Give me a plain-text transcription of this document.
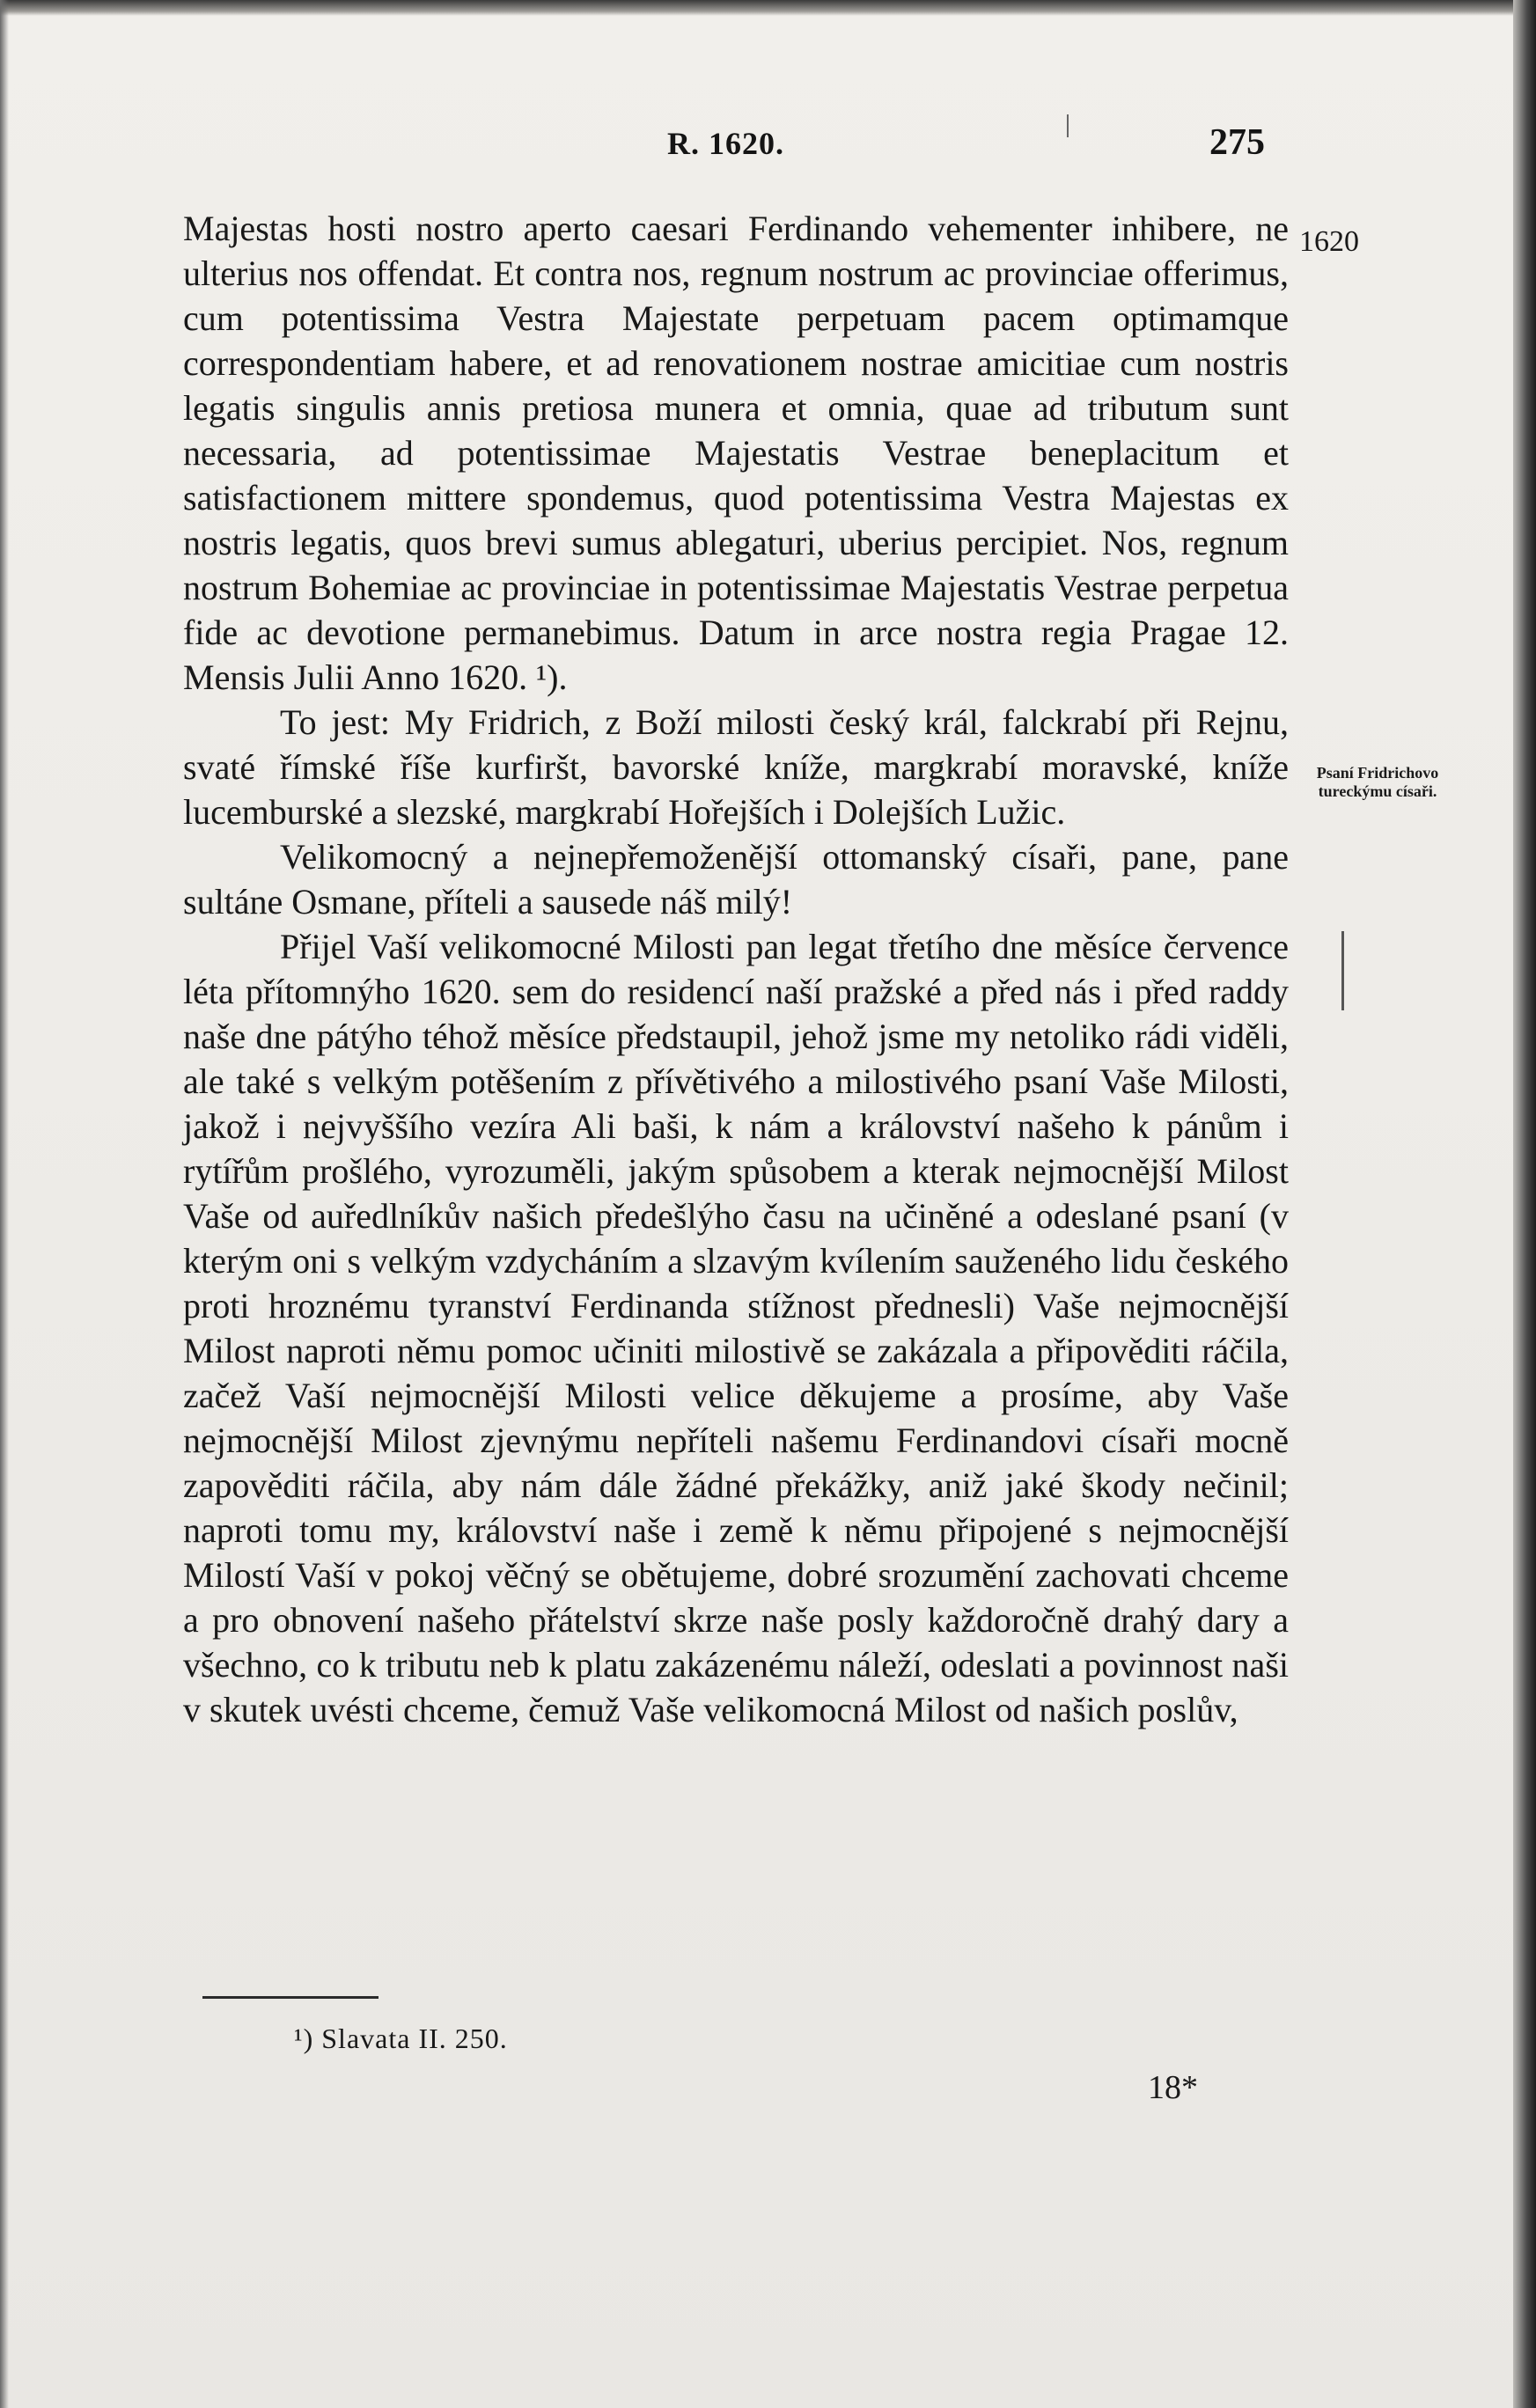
R. 1620.	275
1620
Psaní Fridrichovo tureckýmu císaři.

Majestas hosti nostro aperto caesari Ferdinando vehementer inhibere, ne ulterius nos offendat. Et contra nos, regnum nostrum ac provinciae offerimus, cum potentissima Vestra Majestate perpetuam pacem optimamque correspondentiam habere, et ad renovationem nostrae amicitiae cum nostris legatis singulis annis pretiosa munera et omnia, quae ad tributum sunt necessaria, ad potentissimae Majestatis Vestrae beneplacitum et satisfactionem mittere spondemus, quod potentissima Vestra Majestas ex nostris legatis, quos brevi sumus ablegaturi, uberius percipiet. Nos, regnum nostrum Bohemiae ac provinciae in potentissimae Majestatis Vestrae perpetua fide ac devotione permanebimus. Datum in arce nostra regia Pragae 12. Mensis Julii Anno 1620. ¹).

To jest: My Fridrich, z Boží milosti český král, falckrabí při Rejnu, svaté římské říše kurfiršt, bavorské kníže, margkrabí moravské, kníže lucemburské a slezské, margkrabí Hořejších i Dolejších Lužic.

Velikomocný a nejnepřemoženější ottomanský císaři, pane, pane sultáne Osmane, příteli a sausede náš milý!

Přijel Vaší velikomocné Milosti pan legat třetího dne měsíce července léta přítomnýho 1620. sem do residencí naší pražské a před nás i před raddy naše dne pátýho téhož měsíce předstaupil, jehož jsme my netoliko rádi viděli, ale také s velkým potěšením z přívětivého a milostivého psaní Vaše Milosti, jakož i nejvyššího vezíra Ali baši, k nám a království našeho k pánům i rytířům prošlého, vyrozuměli, jakým spůsobem a kterak nejmocnější Milost Vaše od auředlníkův našich předešlýho času na učiněné a odeslané psaní (v kterým oni s velkým vzdycháním a slzavým kvílením sauženého lidu českého proti hroznému tyranství Ferdinanda stížnost přednesli) Vaše nejmocnější Milost naproti němu pomoc učiniti milostivě se zakázala a připověditi ráčila, začež Vaší nejmocnější Milosti velice děkujeme a prosíme, aby Vaše nejmocnější Milost zjevnýmu nepříteli našemu Ferdinandovi císaři mocně zapověditi ráčila, aby nám dále žádné překážky, aniž jaké škody nečinil; naproti tomu my, království naše i země k němu připojené s nejmocnější Milostí Vaší v pokoj věčný se obětujeme, dobré srozumění zachovati chceme a pro obnovení našeho přátelství skrze naše posly každoročně drahý dary a všechno, co k tributu neb k platu zakázenému náleží, odeslati a povinnost naši v skutek uvésti chceme, čemuž Vaše velikomocná Milost od našich poslův,

¹) Slavata II. 250.
18*
